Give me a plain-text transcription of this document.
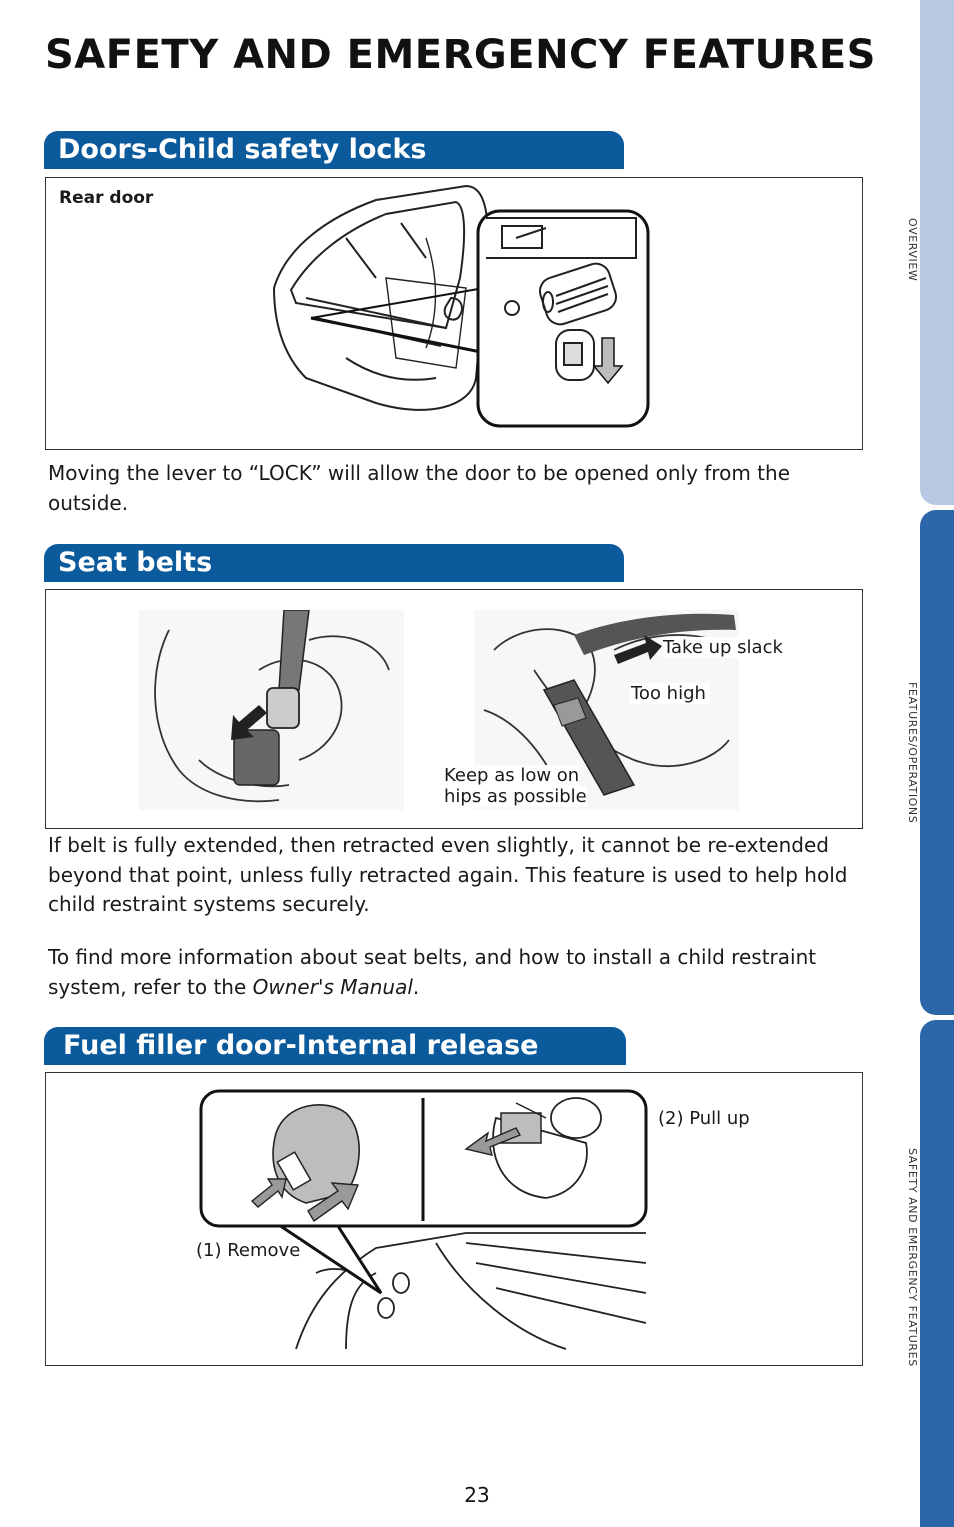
SAFETY AND EMERGENCY FEATURES
Doors-Child safety locks
Rear door

Moving the lever to “LOCK” will allow the door to be opened only from the outside.

Seat belts
Take up slack
Too high
Keep as low on
hips as possible

If belt is fully extended, then retracted even slightly, it cannot be re-extended beyond that point, unless fully retracted again. This feature is used to help hold child restraint systems securely.

To find more information about seat belts, and how to install a child restraint system, refer to the Owner's Manual.

Fuel filler door-Internal release
(2) Pull up
(1) Remove
23
OVERVIEW
FEATURES/OPERATIONS
SAFETY AND EMERGENCY FEATURES
